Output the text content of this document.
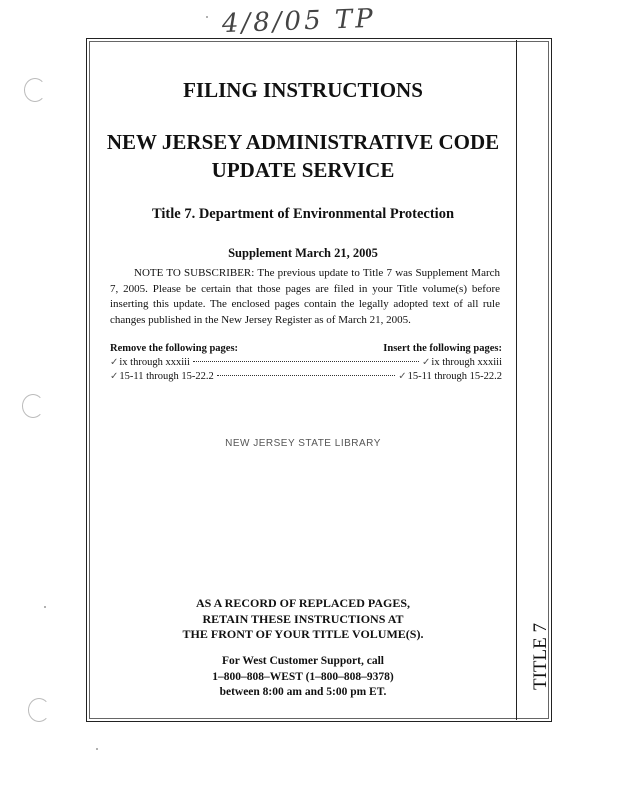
4/8/05 TP
TITLE 7
FILING INSTRUCTIONS
NEW JERSEY ADMINISTRATIVE CODE
UPDATE SERVICE
Title 7. Department of Environmental Protection
Supplement March 21, 2005
NOTE TO SUBSCRIBER: The previous update to Title 7 was Supplement March 7, 2005. Please be certain that those pages are filed in your Title volume(s) before inserting this update. The enclosed pages contain the legally adopted text of all rule changes published in the New Jersey Register as of March 21, 2005.
Remove the following pages:	Insert the following pages:
✓ ix through xxxiii	✓ ix through xxxiii
✓ 15-11 through 15-22.2	✓ 15-11 through 15-22.2
NEW JERSEY STATE LIBRARY
AS A RECORD OF REPLACED PAGES,
RETAIN THESE INSTRUCTIONS AT
THE FRONT OF YOUR TITLE VOLUME(S).
For West Customer Support, call
1–800–808–WEST (1–800–808–9378)
between 8:00 am and 5:00 pm ET.
